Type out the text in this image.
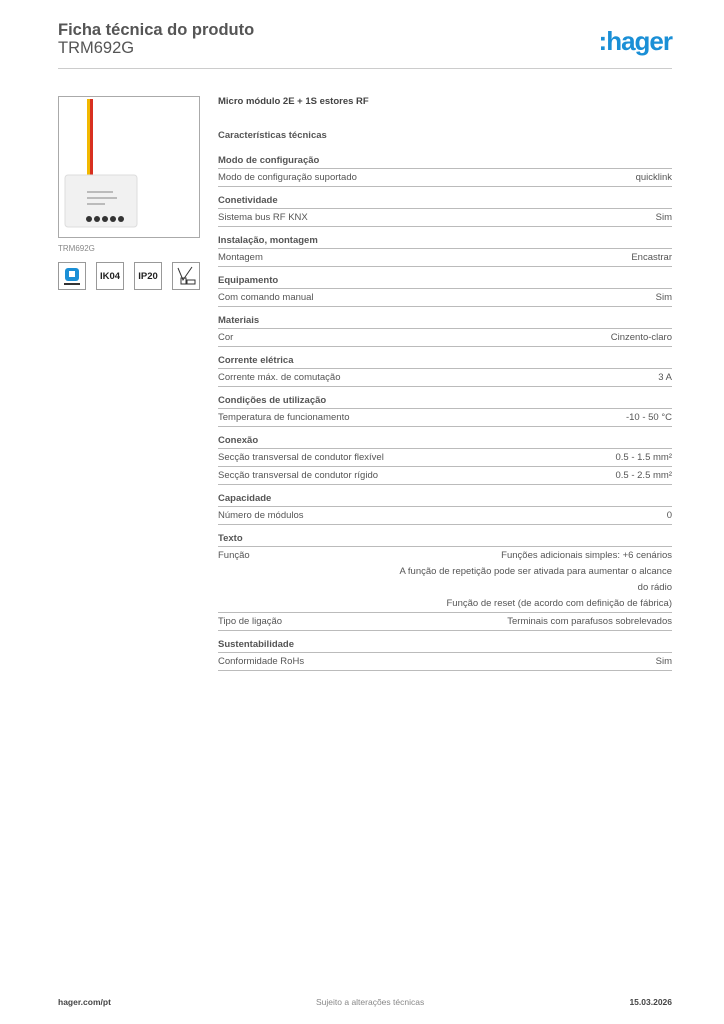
Ficha técnica do produto
TRM692G	:hager
TRM692G
IK04	IP20
Micro módulo 2E + 1S estores RF
Características técnicas
Modo de configuração
Modo de configuração suportado	quicklink
Conetividade
Sistema bus RF KNX	Sim
Instalação, montagem
Montagem	Encastrar
Equipamento
Com comando manual	Sim
Materiais
Cor	Cinzento-claro
Corrente elétrica
Corrente máx. de comutação	3 A
Condições de utilização
Temperatura de funcionamento	-10 - 50 °C
Conexão
Secção transversal de condutor flexível	0.5 - 1.5 mm²
Secção transversal de condutor rígido	0.5 - 2.5 mm²
Capacidade
Número de módulos	0
Texto
Função	Funções adicionais simples: +6 cenários
A função de repetição pode ser ativada para aumentar o alcance
do rádio
Função de reset (de acordo com definição de fábrica)
Tipo de ligação	Terminais com parafusos sobrelevados
Sustentabilidade
Conformidade RoHs	Sim
hager.com/pt	Sujeito a alterações técnicas	15.03.2026
